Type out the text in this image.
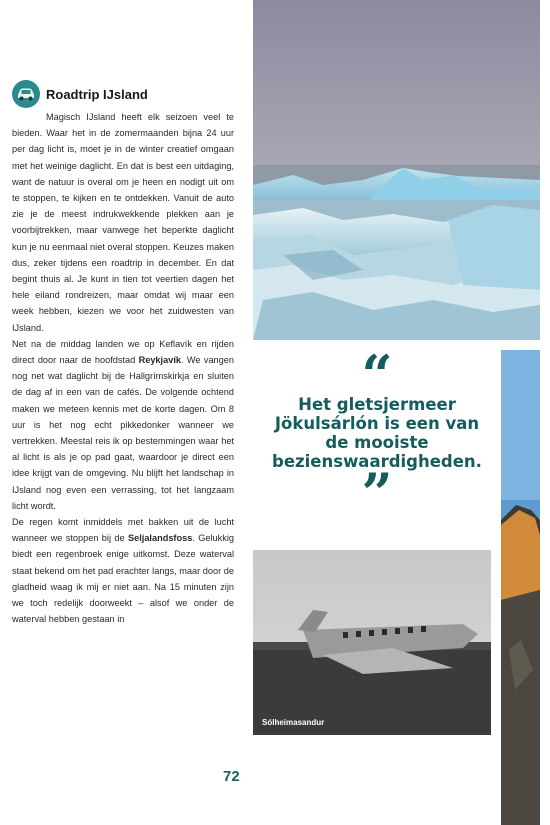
Roadtrip IJsland

Magisch IJsland heeft elk seizoen veel te bieden. Waar het in de zomermaanden bijna 24 uur per dag licht is, moet je in de winter creatief omgaan met het weinige daglicht. En dat is best een uitdaging, want de natuur is overal om je heen en nodigt uit om te stoppen, te kijken en te ontdekken. Vanuit de auto zie je de meest indrukwekkende plekken aan je voorbijtrekken, maar vanwege het beperkte daglicht kun je nu eenmaal niet overal stoppen. Keuzes maken dus, zeker tijdens een roadtrip in december. En dat begint thuis al. Je kunt in tien tot veertien dagen het hele eiland rondreizen, maar omdat wij maar een week hebben, kiezen we voor het zuidwesten van IJsland.

Net na de middag landen we op Keflavík en rijden direct door naar de hoofdstad Reykjavík. We vangen nog net wat daglicht bij de Hallgrímskirkja en sluiten de dag af in een van de cafés. De volgende ochtend maken we meteen kennis met de korte dagen. Om 8 uur is het nog echt pikkedonker wanneer we vertrekken. Meestal reis ik op bestemmingen waar het al licht is als je op pad gaat, waardoor je direct een idee krijgt van de omgeving. Nu blijft het landschap in IJsland nog even een verrassing, tot het langzaam licht wordt.

De regen komt inmiddels met bakken uit de lucht wanneer we stoppen bij de Seljalandsfoss. Gelukkig biedt een regenbroek enige uitkomst. Deze waterval staat bekend om het pad erachter langs, maar door de gladheid waag ik mij er niet aan. Na 15 minuten zijn we toch redelijk doorweekt – alsof we onder de waterval hebben gestaan in

“
Het gletsjermeer Jökulsárlón is een van de mooiste bezienswaardigheden.
”
Sólheimasandur
72
